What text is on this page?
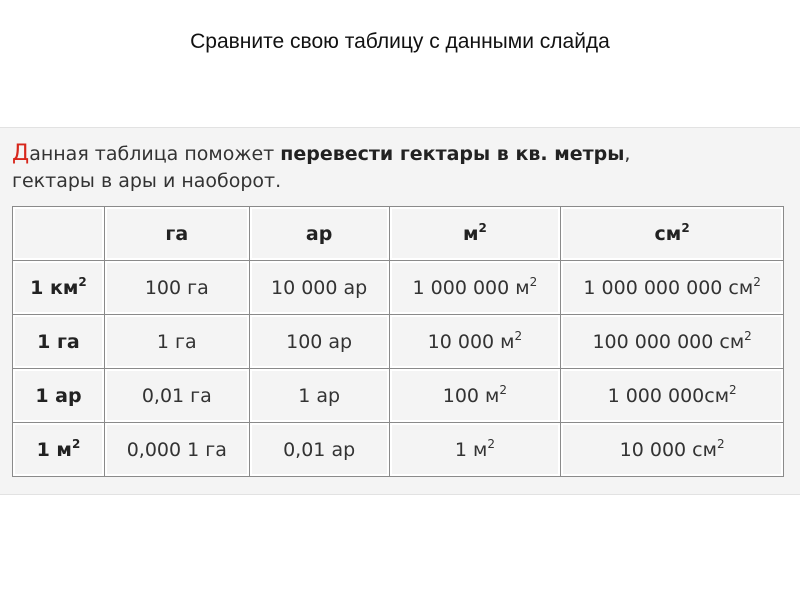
Сравните свою таблицу с данными слайда
Данная таблица поможет перевести гектары в кв. метры,
гектары в ары и наоборот.
	га	ар	$м^2$	$см^2$
1 $км^2$	100 га	10 000 ар	1 000 000 $м^2$	1 000 000 000 $см^2$
1 га	1 га	100 ар	10 000 $м^2$	100 000 000 $см^2$
1 ар	0,01 га	1 ар	100 $м^2$	1 000 $000см^2$
1 $м^2$	0,000 1 га	0,01 ар	1 $м^2$	10 000 $см^2$
